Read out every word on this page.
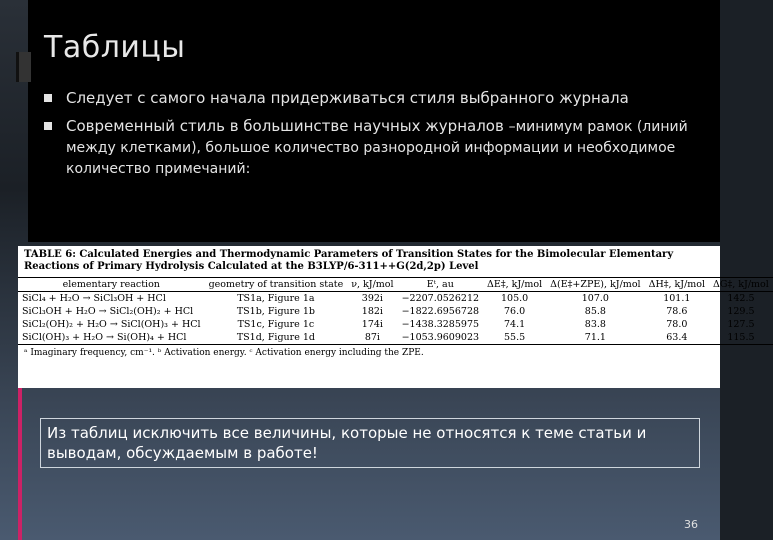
Таблицы
Следует с самого начала придерживаться стиля выбранного журнала
Современный стиль в большинстве научных журналов –минимум рамок (линий между клетками), большое количество разнородной информации и необходимое количество примечаний:
TABLE 6: Calculated Energies and Thermodynamic Parameters of Transition States for the Bimolecular Elementary Reactions of Primary Hydrolysis Calculated at the B3LYP/6-311++G(2d,2p) Level
elementary reaction	geometry of transition state	ν, kJ/mol	Eᵗ, au	ΔE‡, kJ/mol	Δ(E‡+ZPE), kJ/mol	ΔH‡, kJ/mol	ΔG‡, kJ/mol
SiCl₄ + H₂O → SiCl₃OH + HCl	TS1a, Figure 1a	392i	−2207.0526212	105.0	107.0	101.1	142.5
SiCl₃OH + H₂O → SiCl₂(OH)₂ + HCl	TS1b, Figure 1b	182i	−1822.6956728	76.0	85.8	78.6	129.5
SiCl₂(OH)₂ + H₂O → SiCl(OH)₃ + HCl	TS1c, Figure 1c	174i	−1438.3285975	74.1	83.8	78.0	127.5
SiCl(OH)₃ + H₂O → Si(OH)₄ + HCl	TS1d, Figure 1d	87i	−1053.9609023	55.5	71.1	63.4	115.5
ᵃ Imaginary frequency, cm⁻¹. ᵇ Activation energy. ᶜ Activation energy including the ZPE.
Из таблиц исключить все величины, которые не относятся к теме статьи и выводам, обсуждаемым в работе!
36
